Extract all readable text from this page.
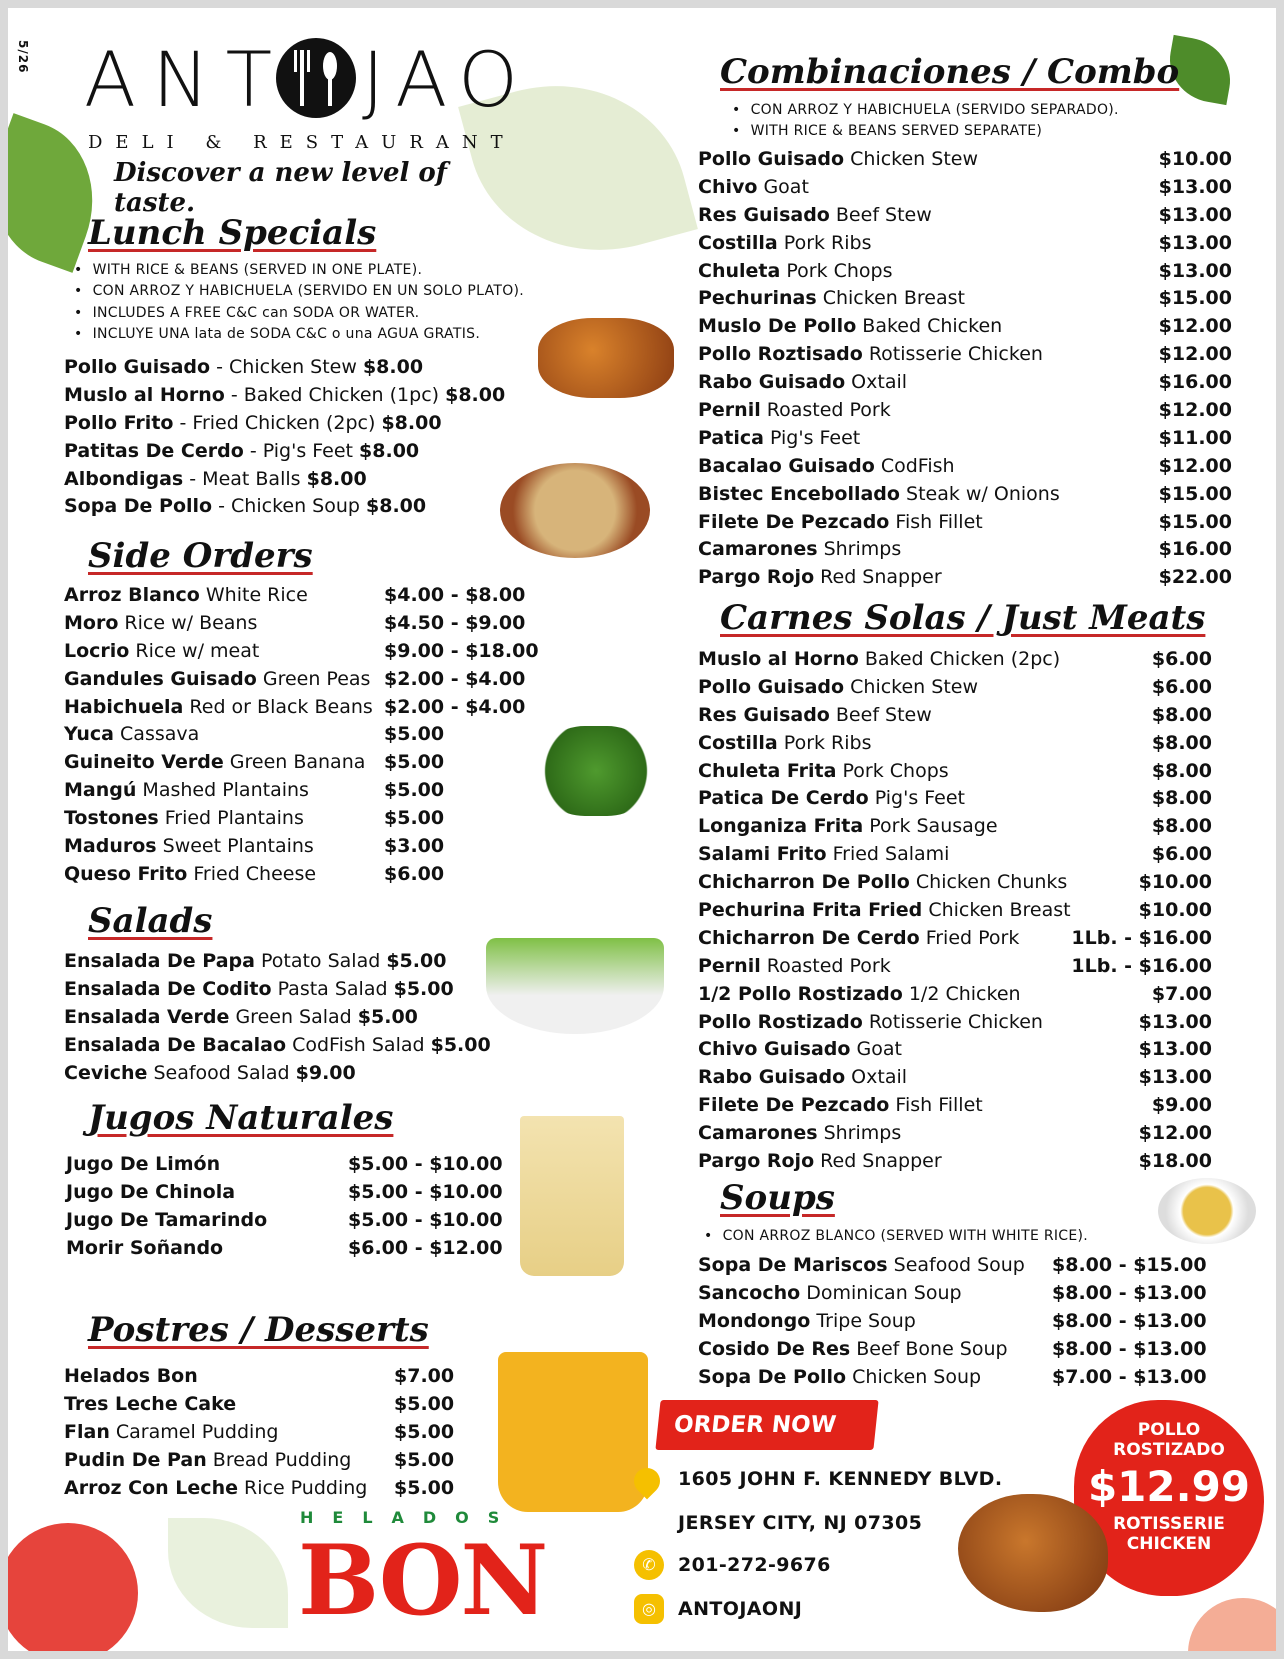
5/26 ANT JAO
DELI & RESTAURANT
Discover a new level of taste.
Lunch Specials
• WITH RICE & BEANS (SERVED IN ONE PLATE).
• CON ARROZ Y HABICHUELA (SERVIDO EN UN SOLO PLATO).
• INCLUDES A FREE C&C can SODA OR WATER.
• INCLUYE UNA lata de SODA C&C o una AGUA GRATIS.
Pollo Guisado - Chicken Stew $8.00
Muslo al Horno - Baked Chicken (1pc) $8.00
Pollo Frito - Fried Chicken (2pc) $8.00
Patitas De Cerdo - Pig's Feet $8.00
Albondigas - Meat Balls $8.00
Sopa De Pollo - Chicken Soup $8.00
Side Orders
Arroz Blanco White Rice	$4.00 - $8.00
Moro Rice w/ Beans	$4.50 - $9.00
Locrio Rice w/ meat	$9.00 - $18.00
Gandules Guisado Green Peas $2.00 - $4.00
Habichuela Red or Black Beans $2.00 - $4.00
Yuca Cassava	$5.00
Guineito Verde Green Banana $5.00
Mangú Mashed Plantains	$5.00
Tostones Fried Plantains	$5.00
Maduros Sweet Plantains	$3.00
Queso Frito Fried Cheese	$6.00
Salads
Ensalada De Papa Potato Salad $5.00
Ensalada De Codito Pasta Salad $5.00
Ensalada Verde Green Salad $5.00
Ensalada De Bacalao CodFish Salad $5.00
Ceviche Seafood Salad $9.00
Jugos Naturales
Jugo De Limón	$5.00 - $10.00
Jugo De Chinola	$5.00 - $10.00
Jugo De Tamarindo	$5.00 - $10.00
Morir Soñando	$6.00 - $12.00
Postres / Desserts
Helados Bon	$7.00
Tres Leche Cake	$5.00
Flan Caramel Pudding	$5.00
Pudin De Pan Bread Pudding $5.00
Arroz Con Leche Rice Pudding $5.00
HELADOS
BON
Combinaciones / Combo
• CON ARROZ Y HABICHUELA (SERVIDO SEPARADO).
• WITH RICE & BEANS SERVED SEPARATE)
Pollo Guisado Chicken Stew	$10.00
Chivo Goat	$13.00
Res Guisado Beef Stew	$13.00
Costilla Pork Ribs	$13.00
Chuleta Pork Chops	$13.00
Pechurinas Chicken Breast	$15.00
Muslo De Pollo Baked Chicken	$12.00
Pollo Roztisado Rotisserie Chicken	$12.00
Rabo Guisado Oxtail	$16.00
Pernil Roasted Pork	$12.00
Patica Pig's Feet	$11.00
Bacalao Guisado CodFish	$12.00
Bistec Encebollado Steak w/ Onions	$15.00
Filete De Pezcado Fish Fillet	$15.00
Camarones Shrimps	$16.00
Pargo Rojo Red Snapper	$22.00
Carnes Solas / Just Meats
Muslo al Horno Baked Chicken (2pc)	$6.00
Pollo Guisado Chicken Stew	$6.00
Res Guisado Beef Stew	$8.00
Costilla Pork Ribs	$8.00
Chuleta Frita Pork Chops	$8.00
Patica De Cerdo Pig's Feet	$8.00
Longaniza Frita Pork Sausage	$8.00
Salami Frito Fried Salami	$6.00
Chicharron De Pollo Chicken Chunks	$10.00
Pechurina Frita Fried Chicken Breast	$10.00
Chicharron De Cerdo Fried Pork	1Lb. - $16.00
Pernil Roasted Pork	1Lb. - $16.00
1/2 Pollo Rostizado 1/2 Chicken	$7.00
Pollo Rostizado Rotisserie Chicken	$13.00
Chivo Guisado Goat	$13.00
Rabo Guisado Oxtail	$13.00
Filete De Pezcado Fish Fillet	$9.00
Camarones Shrimps	$12.00
Pargo Rojo Red Snapper	$18.00
Soups
• CON ARROZ BLANCO (SERVED WITH WHITE RICE).
Sopa De Mariscos Seafood Soup $8.00 - $15.00
Sancocho Dominican Soup	$8.00 - $13.00
Mondongo Tripe Soup	$8.00 - $13.00
Cosido De Res Beef Bone Soup $8.00 - $13.00
Sopa De Pollo Chicken Soup	$7.00 - $13.00
ORDER NOW
1605 JOHN F. KENNEDY BLVD.
JERSEY CITY, NJ 07305
✆	201-272-9676
◎	ANTOJAONJ
POLLO
ROSTIZADO
$12.99
ROTISSERIE
CHICKEN
